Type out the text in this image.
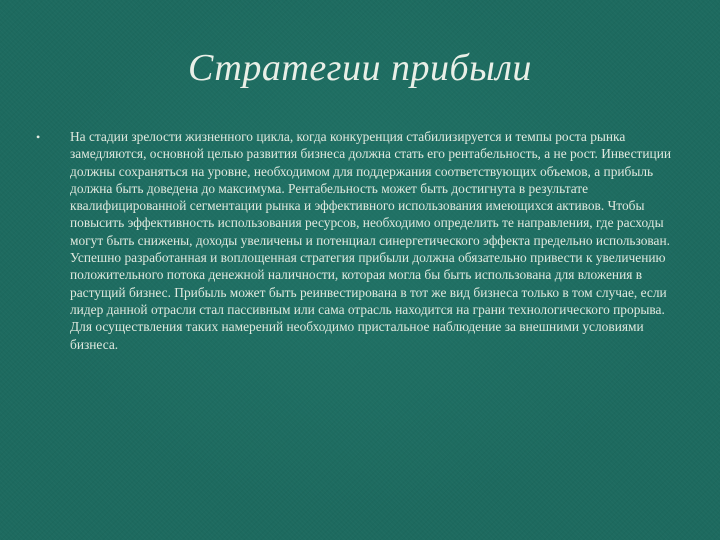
Стратегии прибыли
•	На стадии зрелости жизненного цикла, когда конкуренция стабилизируется и темпы роста рынка замедляются, основной целью развития бизнеса должна стать его рентабельность, а не рост. Инвестиции должны сохраняться на уровне, необходимом для поддержания соответствующих объемов, а прибыль должна быть доведена до максимума. Рентабельность может быть достигнута в результате квалифицированной сегментации рынка и эффективного использования имеющихся активов. Чтобы повысить эффективность использования ресурсов, необходимо определить те направления, где расходы могут быть снижены, доходы увеличены и потенциал синергетического эффекта предельно использован. Успешно разработанная и воплощенная стратегия прибыли должна обязательно привести к увеличению положительного потока денежной наличности, которая могла бы быть использована для вложения в растущий бизнес. Прибыль может быть реинвестирована в тот же вид бизнеса только в том случае, если лидер данной отрасли стал пассивным или сама отрасль находится на грани технологического прорыва. Для осуществления таких намерений необходимо пристальное наблюдение за внешними условиями бизнеса.
